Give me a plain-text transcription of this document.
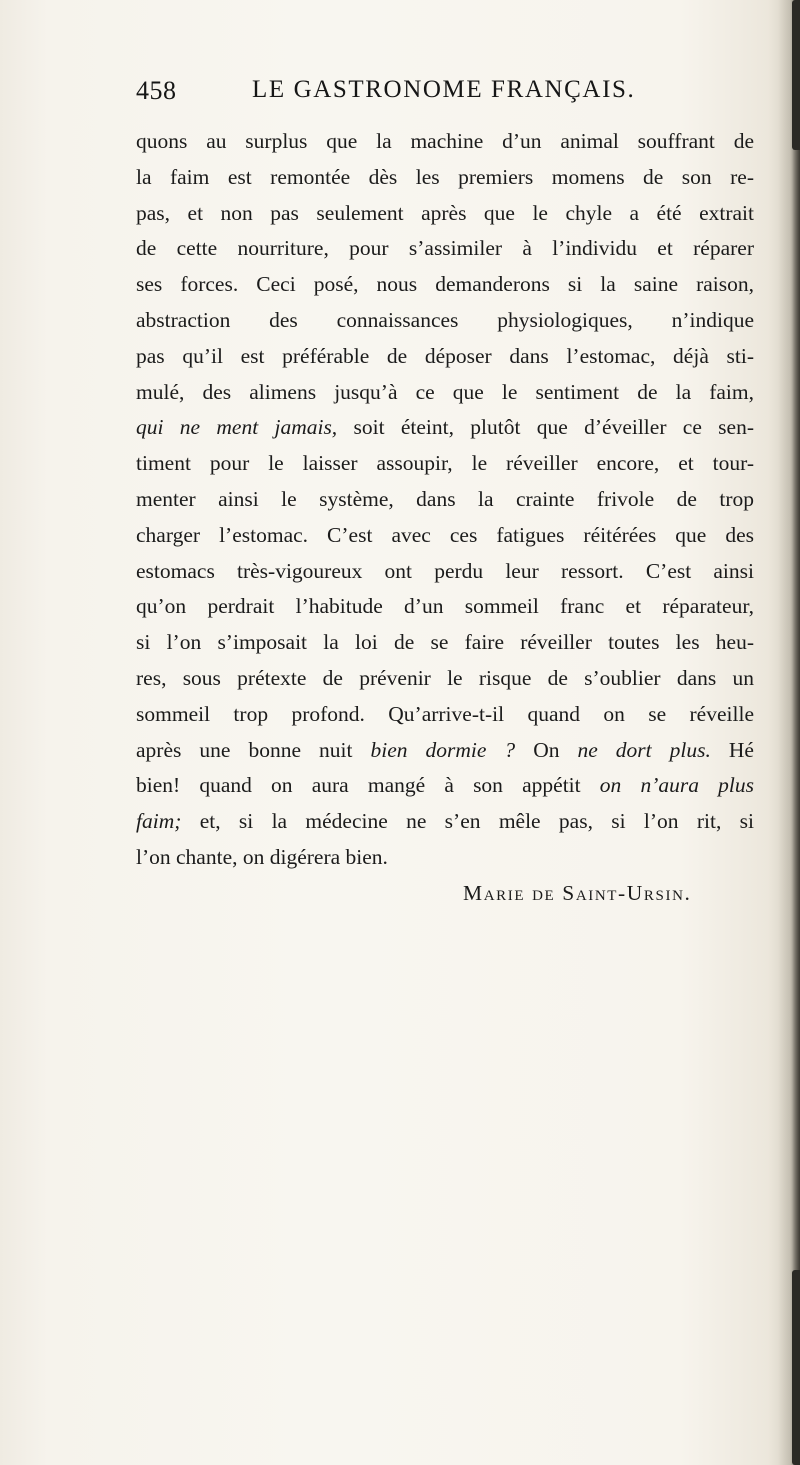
458	LE GASTRONOME FRANÇAIS.
quons au surplus que la machine d’un animal souffrant de
la faim est remontée dès les premiers momens de son re-
pas, et non pas seulement après que le chyle a été extrait
de cette nourriture, pour s’assimiler à l’individu et réparer
ses forces. Ceci posé, nous demanderons si la saine raison,
abstraction des connaissances physiologiques, n’indique
pas qu’il est préférable de déposer dans l’estomac, déjà sti-
mulé, des alimens jusqu’à ce que le sentiment de la faim,
qui ne ment jamais, soit éteint, plutôt que d’éveiller ce sen-
timent pour le laisser assoupir, le réveiller encore, et tour-
menter ainsi le système, dans la crainte frivole de trop
charger l’estomac. C’est avec ces fatigues réitérées que des
estomacs très-vigoureux ont perdu leur ressort. C’est ainsi
qu’on perdrait l’habitude d’un sommeil franc et réparateur,
si l’on s’imposait la loi de se faire réveiller toutes les heu-
res, sous prétexte de prévenir le risque de s’oublier dans un
sommeil trop profond. Qu’arrive-t-il quand on se réveille
après une bonne nuit bien dormie ? On ne dort plus. Hé
bien! quand on aura mangé à son appétit on n’aura plus
faim; et, si la médecine ne s’en mêle pas, si l’on rit, si
l’on chante, on digérera bien.
Marie de Saint-Ursin.
